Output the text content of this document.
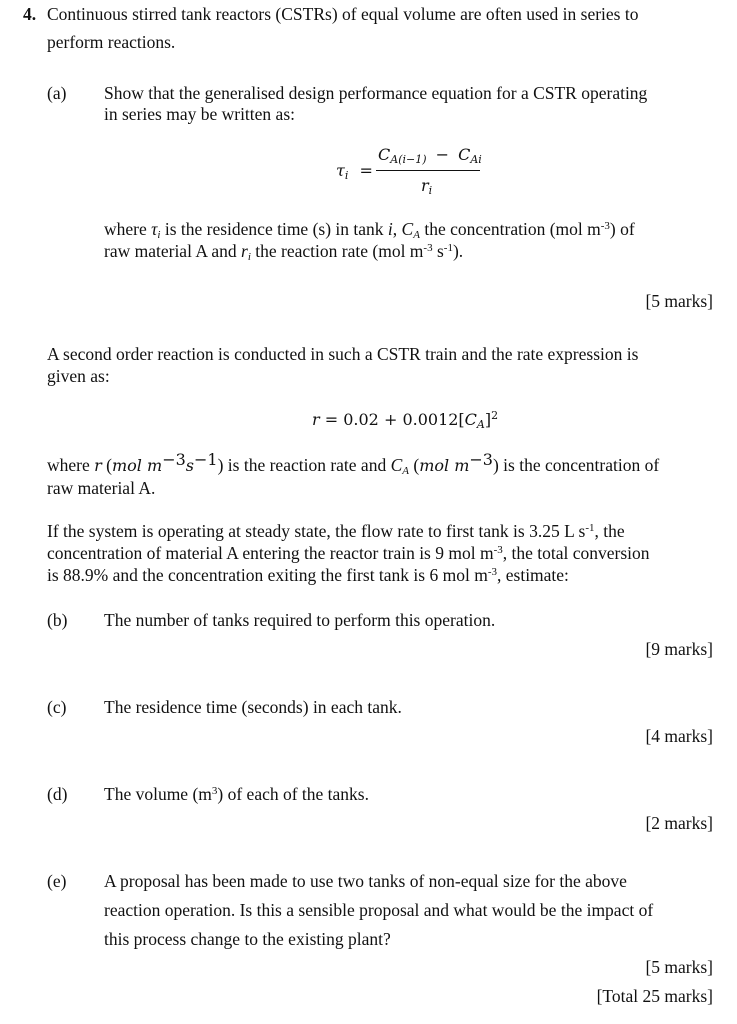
4. Continuous stirred tank reactors (CSTRs) of equal volume are often used in series to
perform reactions.
(a) Show that the generalised design performance equation for a CSTR operating
in series may be written as:
$\tau_i$ =
$C_{A(i-1)} - C_{Ai}$
$r_i$
where $\tau_i$ is the residence time (s) in tank i, $C_A$ the concentration (mol $m^{-3}$) of
raw material A and $r_i$ the reaction rate (mol $m^{-3}$ $s^{-1}$).
[5 marks]
A second order reaction is conducted in such a CSTR train and the rate expression is
given as:
$r = 0.02 + 0.0012[C_A]^2$
where r (mol $m^{-3}s^{-1}$) is the reaction rate and $C_A$ (mol $m^{-3}$) is the concentration of
raw material A.
If the system is operating at steady state, the flow rate to first tank is 3.25 L $s^{-1}$, the
concentration of material A entering the reactor train is 9 mol $m^{-3}$, the total conversion
is 88.9% and the concentration exiting the first tank is 6 mol $m^{-3}$, estimate:
(b) The number of tanks required to perform this operation.
[9 marks]
(c) The residence time (seconds) in each tank.
[4 marks]
(d) The volume $(m^3)$ of each of the tanks.
[2 marks]
(e) A proposal has been made to use two tanks of non-equal size for the above
reaction operation. Is this a sensible proposal and what would be the impact of
this process change to the existing plant?
[5 marks]
[Total 25 marks]
